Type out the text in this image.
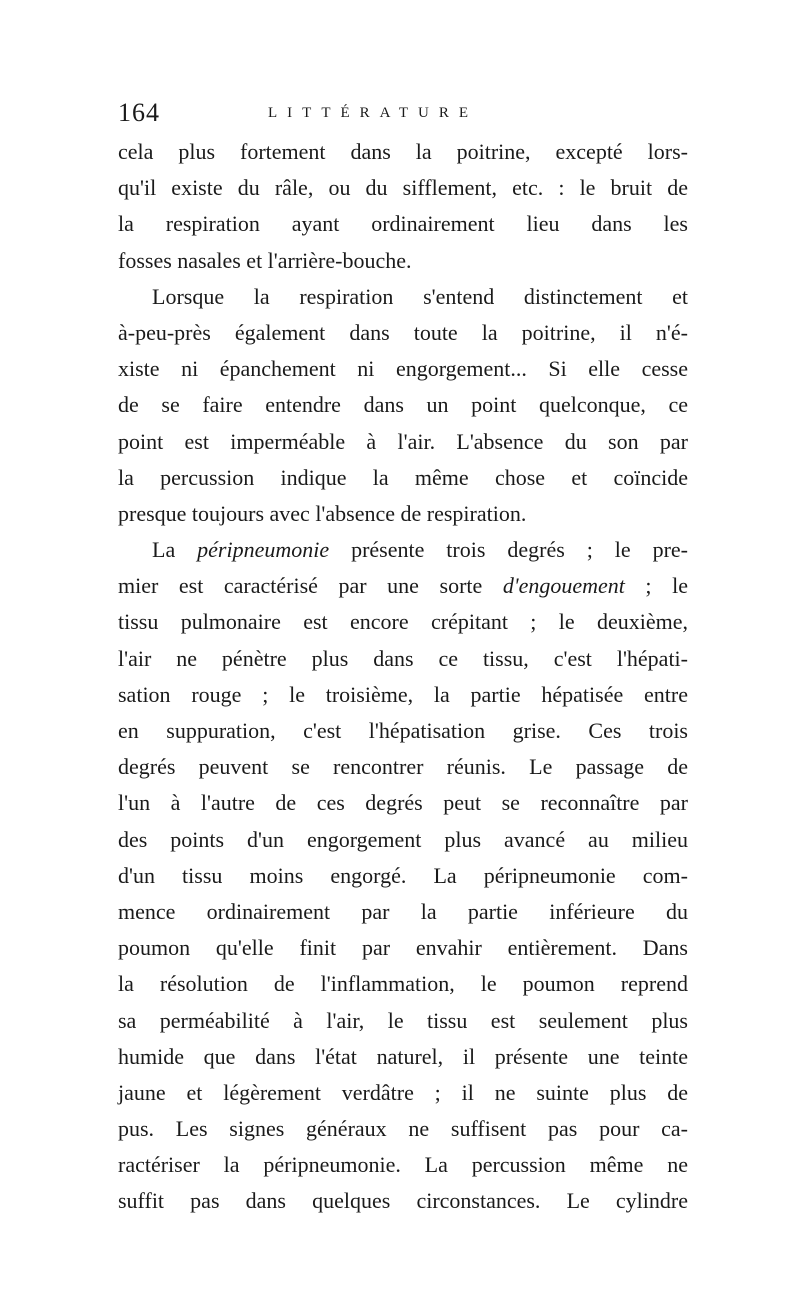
164	LITTÉRATURE
cela plus fortement dans la poitrine, excepté lors-
qu'il existe du râle, ou du sifflement, etc. : le bruit de
la respiration ayant ordinairement lieu dans les
fosses nasales et l'arrière-bouche.
Lorsque la respiration s'entend distinctement et
à-peu-près également dans toute la poitrine, il n'é-
xiste ni épanchement ni engorgement... Si elle cesse
de se faire entendre dans un point quelconque, ce
point est imperméable à l'air. L'absence du son par
la percussion indique la même chose et coïncide
presque toujours avec l'absence de respiration.
La péripneumonie présente trois degrés ; le pre-
mier est caractérisé par une sorte d'engouement ; le
tissu pulmonaire est encore crépitant ; le deuxième,
l'air ne pénètre plus dans ce tissu, c'est l'hépati-
sation rouge ; le troisième, la partie hépatisée entre
en suppuration, c'est l'hépatisation grise. Ces trois
degrés peuvent se rencontrer réunis. Le passage de
l'un à l'autre de ces degrés peut se reconnaître par
des points d'un engorgement plus avancé au milieu
d'un tissu moins engorgé. La péripneumonie com-
mence ordinairement par la partie inférieure du
poumon qu'elle finit par envahir entièrement. Dans
la résolution de l'inflammation, le poumon reprend
sa perméabilité à l'air, le tissu est seulement plus
humide que dans l'état naturel, il présente une teinte
jaune et légèrement verdâtre ; il ne suinte plus de
pus. Les signes généraux ne suffisent pas pour ca-
ractériser la péripneumonie. La percussion même ne
suffit pas dans quelques circonstances. Le cylindre
